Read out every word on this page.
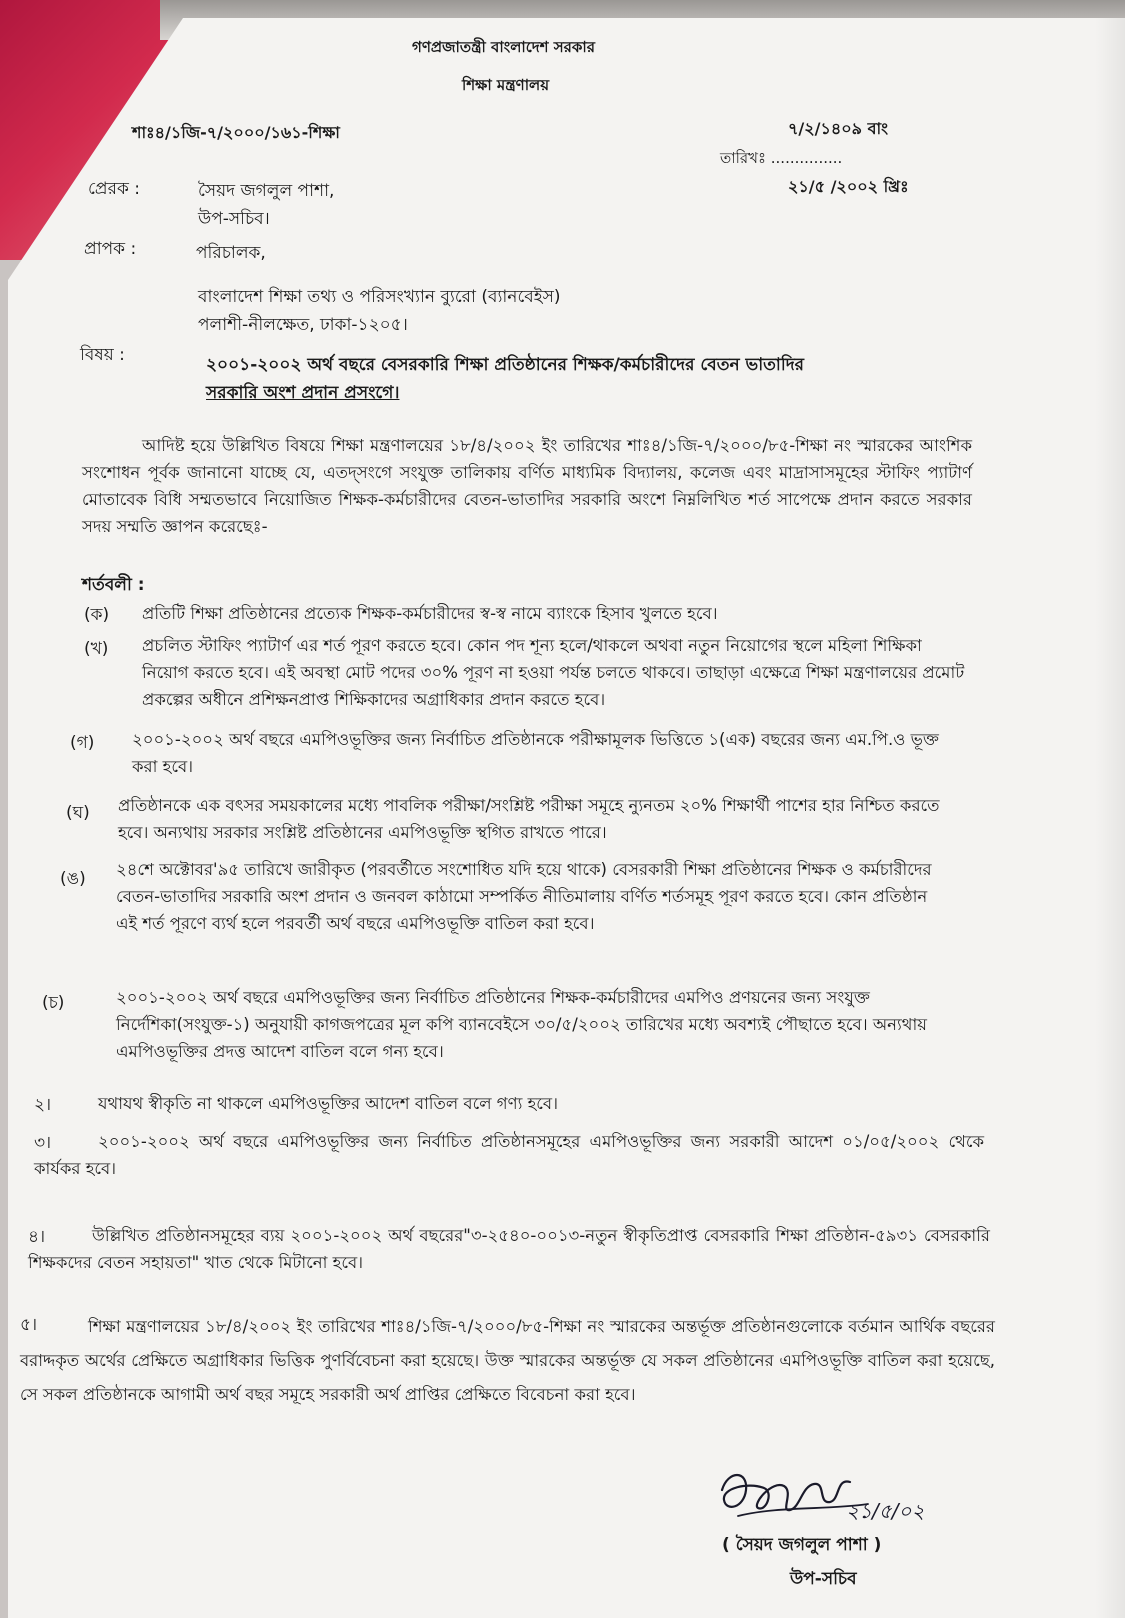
গণপ্রজাতন্ত্রী বাংলাদেশ সরকার
শিক্ষা মন্ত্রণালয়
শাঃ৪/১জি-৭/২০০০/১৬১-শিক্ষা	৭/২/১৪০৯ বাং
তারিখঃ ...............
২১/৫ /২০০২ খ্রিঃ
প্রেরক :	সৈয়দ জগলুল পাশা,
উপ-সচিব।
প্রাপক :	পরিচালক,
বাংলাদেশ শিক্ষা তথ্য ও পরিসংখ্যান ব্যুরো (ব্যানবেইস)
পলাশী-নীলক্ষেত, ঢাকা-১২০৫।
বিষয় :	২০০১-২০০২ অর্থ বছরে বেসরকারি শিক্ষা প্রতিষ্ঠানের শিক্ষক/কর্মচারীদের বেতন ভাতাদির
সরকারি অংশ প্রদান প্রসংগে।
আদিষ্ট হয়ে উল্লিখিত বিষয়ে শিক্ষা মন্ত্রণালয়ের ১৮/৪/২০০২ ইং তারিখের শাঃ৪/১জি-৭/২০০০/৮৫-শিক্ষা নং স্মারকের আংশিক সংশোধন পূর্বক জানানো যাচ্ছে যে, এতদ্সংগে সংযুক্ত তালিকায় বর্ণিত মাধ্যমিক বিদ্যালয়, কলেজ এবং মাদ্রাসাসমূহের স্টাফিং প্যাটার্ণ মোতাবেক বিধি সম্মতভাবে নিয়োজিত শিক্ষক-কর্মচারীদের বেতন-ভাতাদির সরকারি অংশে নিম্নলিখিত শর্ত সাপেক্ষে প্রদান করতে সরকার সদয় সম্মতি জ্ঞাপন করেছেঃ-
শর্তবলী :
(ক) প্রতিটি শিক্ষা প্রতিষ্ঠানের প্রত্যেক শিক্ষক-কর্মচারীদের স্ব-স্ব নামে ব্যাংকে হিসাব খুলতে হবে।
(খ) প্রচলিত স্টাফিং প্যাটার্ণ এর শর্ত পূরণ করতে হবে। কোন পদ শূন্য হলে/থাকলে অথবা নতুন নিয়োগের স্থলে মহিলা শিক্ষিকা নিয়োগ করতে হবে। এই অবস্থা মোট পদের ৩০% পূরণ না হওয়া পর্যন্ত চলতে থাকবে। তাছাড়া এক্ষেত্রে শিক্ষা মন্ত্রণালয়ের প্রমোট প্রকল্পের অধীনে প্রশিক্ষনপ্রাপ্ত শিক্ষিকাদের অগ্রাধিকার প্রদান করতে হবে।
(গ) ২০০১-২০০২ অর্থ বছরে এমপিওভূক্তির জন্য নির্বাচিত প্রতিষ্ঠানকে পরীক্ষামূলক ভিত্তিতে ১(এক) বছরের জন্য এম.পি.ও ভূক্ত করা হবে।
(ঘ) প্রতিষ্ঠানকে এক বৎসর সময়কালের মধ্যে পাবলিক পরীক্ষা/সংশ্লিষ্ট পরীক্ষা সমূহে ন্যুনতম ২০% শিক্ষার্থী পাশের হার নিশ্চিত করতে হবে। অন্যথায় সরকার সংশ্লিষ্ট প্রতিষ্ঠানের এমপিওভূক্তি স্থগিত রাখতে পারে।
(ঙ) ২৪শে অক্টোবর'৯৫ তারিখে জারীকৃত (পরবর্তীতে সংশোধিত যদি হয়ে থাকে) বেসরকারী শিক্ষা প্রতিষ্ঠানের শিক্ষক ও কর্মচারীদের বেতন-ভাতাদির সরকারি অংশ প্রদান ও জনবল কাঠামো সম্পর্কিত নীতিমালায় বর্ণিত শর্তসমূহ পূরণ করতে হবে। কোন প্রতিষ্ঠান এই শর্ত পূরণে ব্যর্থ হলে পরবর্তী অর্থ বছরে এমপিওভূক্তি বাতিল করা হবে।
(চ)	২০০১-২০০২ অর্থ বছরে এমপিওভূক্তির জন্য নির্বাচিত প্রতিষ্ঠানের শিক্ষক-কর্মচারীদের এমপিও প্রণয়নের জন্য সংযুক্ত নির্দেশিকা(সংযুক্ত-১) অনুযায়ী কাগজপত্রের মূল কপি ব্যানবেইসে ৩০/৫/২০০২ তারিখের মধ্যে অবশ্যই পৌছাতে হবে। অন্যথায় এমপিওভূক্তির প্রদত্ত আদেশ বাতিল বলে গন্য হবে।
২।	যথাযথ স্বীকৃতি না থাকলে এমপিওভূক্তির আদেশ বাতিল বলে গণ্য হবে।
৩।	২০০১-২০০২ অর্থ বছরে এমপিওভূক্তির জন্য নির্বাচিত প্রতিষ্ঠানসমূহের এমপিওভূক্তির জন্য সরকারী আদেশ ০১/০৫/২০০২ থেকে কার্যকর হবে।
৪।	উল্লিখিত প্রতিষ্ঠানসমূহের ব্যয় ২০০১-২০০২ অর্থ বছরের"৩-২৫৪০-০০১৩-নতুন স্বীকৃতিপ্রাপ্ত বেসরকারি শিক্ষা প্রতিষ্ঠান-৫৯৩১ বেসরকারি শিক্ষকদের বেতন সহায়তা" খাত থেকে মিটানো হবে।
৫।	শিক্ষা মন্ত্রণালয়ের ১৮/৪/২০০২ ইং তারিখের শাঃ৪/১জি-৭/২০০০/৮৫-শিক্ষা নং স্মারকের অন্তর্ভূক্ত প্রতিষ্ঠানগুলোকে বর্তমান আর্থিক বছরের বরাদ্দকৃত অর্থের প্রেক্ষিতে অগ্রাধিকার ভিত্তিক পুণর্বিবেচনা করা হয়েছে। উক্ত স্মারকের অন্তর্ভূক্ত যে সকল প্রতিষ্ঠানের এমপিওভূক্তি বাতিল করা হয়েছে, সে সকল প্রতিষ্ঠানকে আগামী অর্থ বছর সমূহে সরকারী অর্থ প্রাপ্তির প্রেক্ষিতে বিবেচনা করা হবে।
২১/৫/০২
( সৈয়দ জগলুল পাশা )
উপ-সচিব
